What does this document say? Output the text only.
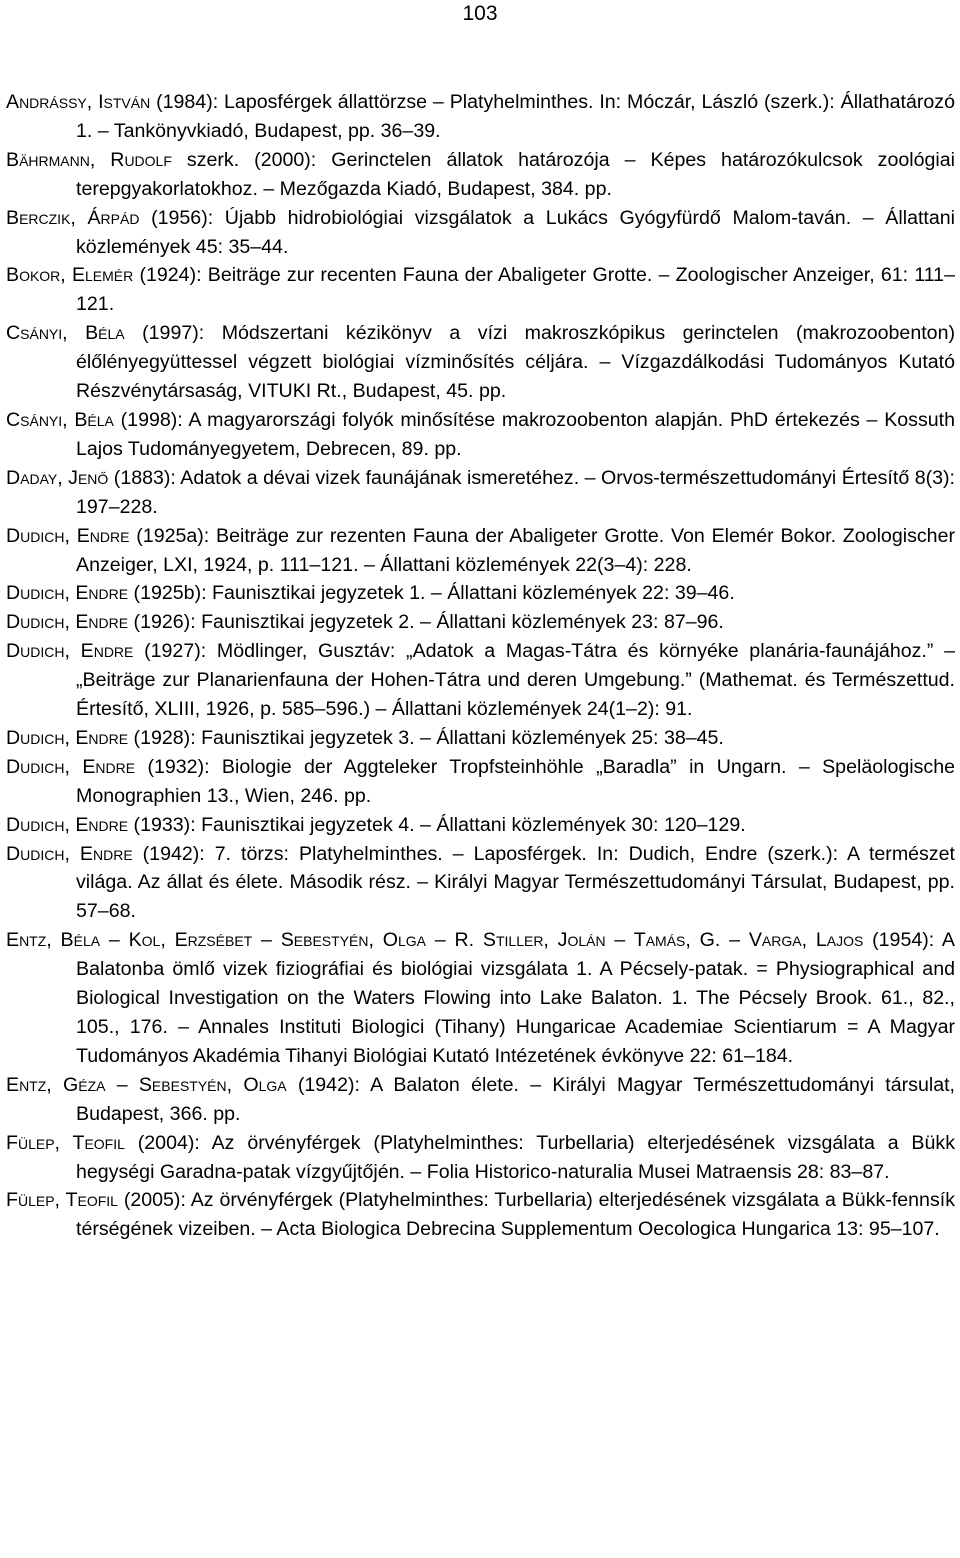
103
Andrássy, István (1984): Laposférgek állattörzse – Platyhelminthes. In: Móczár, László (szerk.): Állathatározó 1. – Tankönyvkiadó, Budapest, pp. 36–39.
Bährmann, Rudolf szerk. (2000): Gerinctelen állatok határozója – Képes határozókulcsok zoológiai terepgyakorlatokhoz. – Mezőgazda Kiadó, Budapest, 384. pp.
Berczik, Árpád (1956): Újabb hidrobiológiai vizsgálatok a Lukács Gyógyfürdő Malom-taván. – Állattani közlemények 45: 35–44.
Bokor, Elemér (1924): Beiträge zur recenten Fauna der Abaligeter Grotte. – Zoologischer Anzeiger, 61: 111–121.
Csányi, Béla (1997): Módszertani kézikönyv a vízi makroszkópikus gerinctelen (makrozoobenton) élőlényegyüttessel végzett biológiai vízminősítés céljára. – Vízgazdálkodási Tudományos Kutató Részvénytársaság, VITUKI Rt., Budapest, 45. pp.
Csányi, Béla (1998): A magyarországi folyók minősítése makrozoobenton alapján. PhD értekezés – Kossuth Lajos Tudományegyetem, Debrecen, 89. pp.
Daday, Jenő (1883): Adatok a dévai vizek faunájának ismeretéhez. – Orvos-természettudományi Értesítő 8(3): 197–228.
Dudich, Endre (1925a): Beiträge zur rezenten Fauna der Abaligeter Grotte. Von Elemér Bokor. Zoologischer Anzeiger, LXI, 1924, p. 111–121. – Állattani közlemények 22(3–4): 228.
Dudich, Endre (1925b): Faunisztikai jegyzetek 1. – Állattani közlemények 22: 39–46.
Dudich, Endre (1926): Faunisztikai jegyzetek 2. – Állattani közlemények 23: 87–96.
Dudich, Endre (1927): Mödlinger, Gusztáv: „Adatok a Magas-Tátra és környéke planária-faunájához.” – „Beiträge zur Planarienfauna der Hohen-Tátra und deren Umgebung.” (Mathemat. és Természettud. Értesítő, XLIII, 1926, p. 585–596.) – Állattani közlemények 24(1–2): 91.
Dudich, Endre (1928): Faunisztikai jegyzetek 3. – Állattani közlemények 25: 38–45.
Dudich, Endre (1932): Biologie der Aggteleker Tropfsteinhöhle „Baradla” in Ungarn. – Speläologische Monographien 13., Wien, 246. pp.
Dudich, Endre (1933): Faunisztikai jegyzetek 4. – Állattani közlemények 30: 120–129.
Dudich, Endre (1942): 7. törzs: Platyhelminthes. – Laposférgek. In: Dudich, Endre (szerk.): A természet világa. Az állat és élete. Második rész. – Királyi Magyar Természettudományi Társulat, Budapest, pp. 57–68.
Entz, Béla – Kol, Erzsébet – Sebestyén, Olga – R. Stiller, Jolán – Tamás, G. – Varga, Lajos (1954): A Balatonba ömlő vizek fiziográfiai és biológiai vizsgálata 1. A Pécsely-patak. = Physiographical and Biological Investigation on the Waters Flowing into Lake Balaton. 1. The Pécsely Brook. 61., 82., 105., 176. – Annales Instituti Biologici (Tihany) Hungaricae Academiae Scientiarum = A Magyar Tudományos Akadémia Tihanyi Biológiai Kutató Intézetének évkönyve 22: 61–184.
Entz, Géza – Sebestyén, Olga (1942): A Balaton élete. – Királyi Magyar Természettudományi társulat, Budapest, 366. pp.
Fülep, Teofil (2004): Az örvényférgek (Platyhelminthes: Turbellaria) elterjedésének vizsgálata a Bükk hegységi Garadna-patak vízgyűjtőjén. – Folia Historico-naturalia Musei Matraensis 28: 83–87.
Fülep, Teofil (2005): Az örvényférgek (Platyhelminthes: Turbellaria) elterjedésének vizsgálata a Bükk-fennsík térségének vizeiben. – Acta Biologica Debrecina Supplementum Oecologica Hungarica 13: 95–107.
